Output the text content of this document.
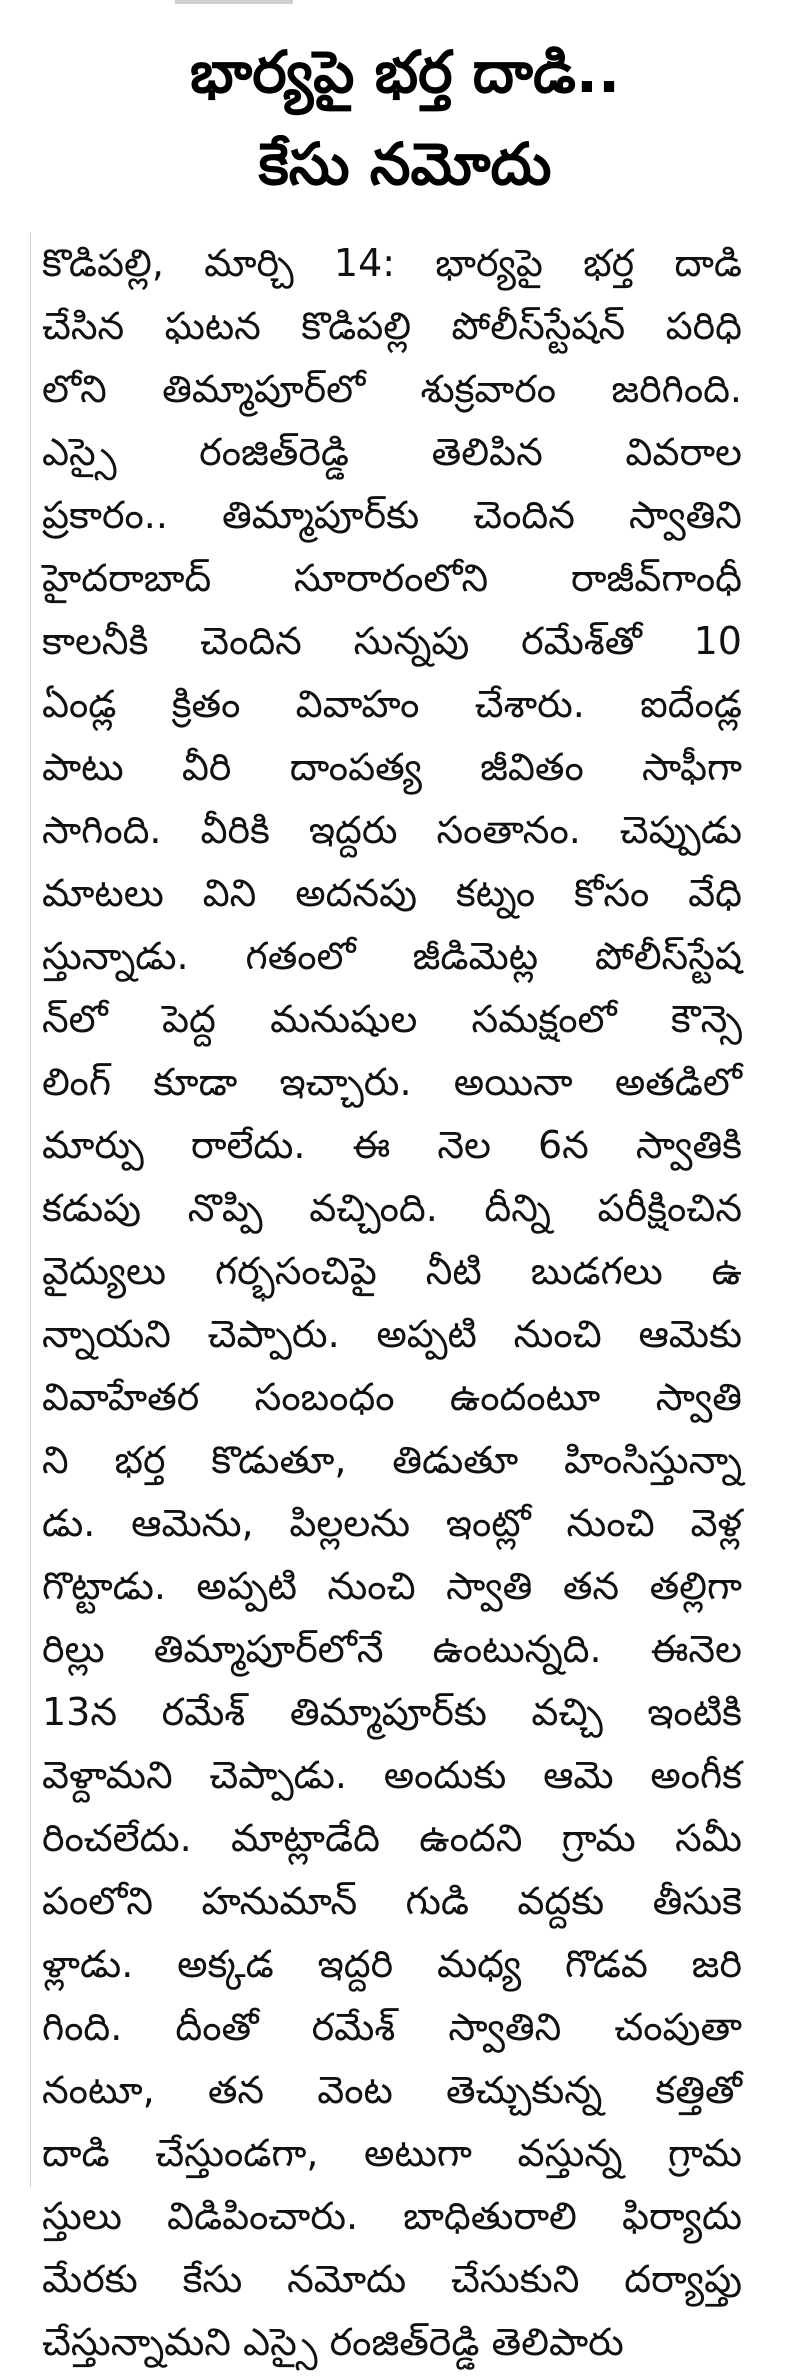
భార్యపై భర్త దాడి..
కేసు నమోదు
కొడిపల్లి, మార్చి 14: భార్యపై భర్త దాడి
చేసిన ఘటన కొడిపల్లి పోలీస్‌స్టేషన్ పరిధి
లోని తిమ్మాపూర్‌లో శుక్రవారం జరిగింది.
ఎస్సై రంజిత్‌రెడ్డి తెలిపిన వివరాల
ప్రకారం.. తిమ్మాపూర్‌కు చెందిన స్వాతిని
హైదరాబాద్ సూరారంలోని రాజీవ్‌గాంధీ
కాలనీకి చెందిన సున్నపు రమేశ్‌తో 10
ఏండ్ల క్రితం వివాహం చేశారు. ఐదేండ్ల
పాటు వీరి దాంపత్య జీవితం సాఫీగా
సాగింది. వీరికి ఇద్దరు సంతానం. చెప్పుడు
మాటలు విని అదనపు కట్నం కోసం వేధి
స్తున్నాడు. గతంలో జీడిమెట్ల పోలీస్‌స్టేష
న్‌లో పెద్ద మనుషుల సమక్షంలో కౌన్సె
లింగ్ కూడా ఇచ్చారు. అయినా అతడిలో
మార్పు రాలేదు. ఈ నెల 6న స్వాతికి
కడుపు నొప్పి వచ్చింది. దీన్ని పరీక్షించిన
వైద్యులు గర్భసంచిపై నీటి బుడగలు ఉ
న్నాయని చెప్పారు. అప్పటి నుంచి ఆమెకు
వివాహేతర సంబంధం ఉందంటూ స్వాతి
ని భర్త కొడుతూ, తిడుతూ హింసిస్తున్నా
డు. ఆమెను, పిల్లలను ఇంట్లో నుంచి వెళ్ల
గొట్టాడు. అప్పటి నుంచి స్వాతి తన తల్లిగా
రిల్లు తిమ్మాపూర్‌లోనే ఉంటున్నది. ఈనెల
13న రమేశ్ తిమ్మాపూర్‌కు వచ్చి ఇంటికి
వెళ్దామని చెప్పాడు. అందుకు ఆమె అంగీక
రించలేదు. మాట్లాడేది ఉందని గ్రామ సమీ
పంలోని హనుమాన్ గుడి వద్దకు తీసుకె
ళ్లాడు. అక్కడ ఇద్దరి మధ్య గొడవ జరి
గింది. దీంతో రమేశ్ స్వాతిని చంపుతా
నంటూ, తన వెంట తెచ్చుకున్న కత్తితో
దాడి చేస్తుండగా, అటుగా వస్తున్న గ్రామ
స్తులు విడిపించారు. బాధితురాలి ఫిర్యాదు
మేరకు కేసు నమోదు చేసుకుని దర్యాప్తు
చేస్తున్నామని ఎస్సై రంజిత్‌రెడ్డి తెలిపారు
